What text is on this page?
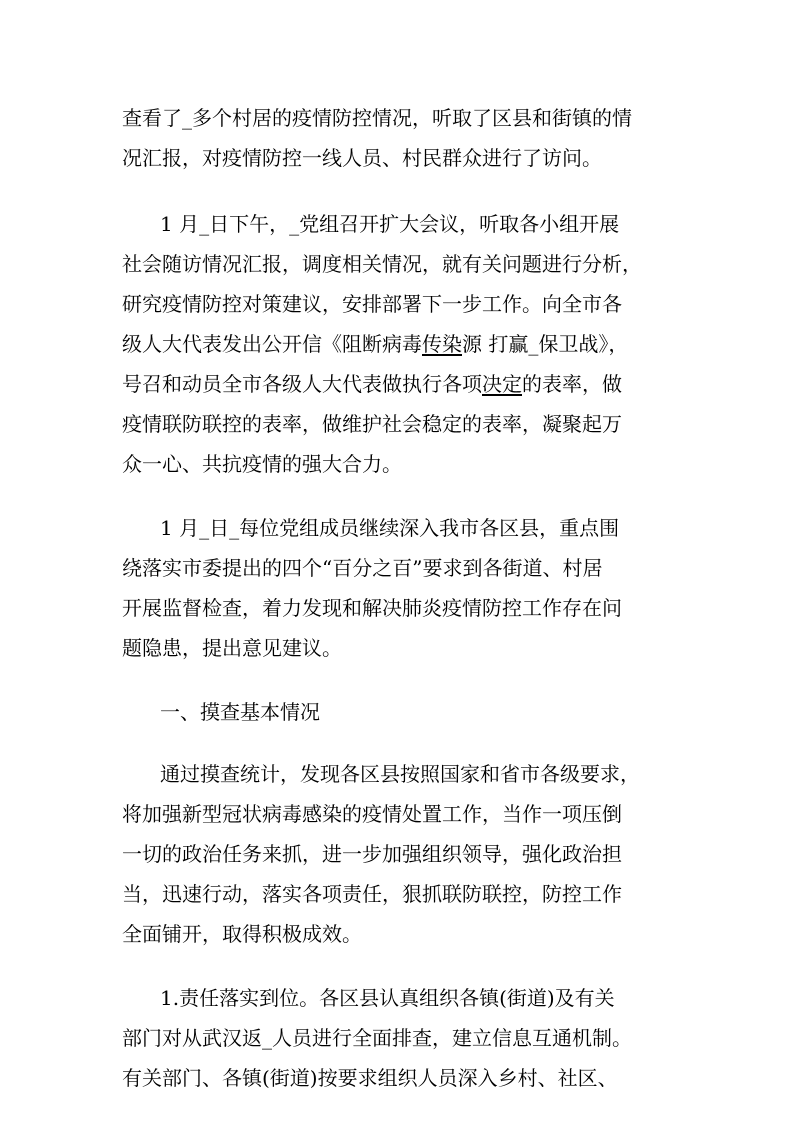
查看了_多个村居的疫情防控情况，听取了区县和街镇的情
况汇报，对疫情防控一线人员、村民群众进行了访问。
1 月_日下午，_党组召开扩大会议，听取各小组开展
社会随访情况汇报，调度相关情况，就有关问题进行分析，
研究疫情防控对策建议，安排部署下一步工作。向全市各
级人大代表发出公开信《阻断病毒传染源 打赢_保卫战》，
号召和动员全市各级人大代表做执行各项决定的表率，做
疫情联防联控的表率，做维护社会稳定的表率，凝聚起万
众一心、共抗疫情的强大合力。
1 月_日_每位党组成员继续深入我市各区县，重点围
绕落实市委提出的四个“百分之百”要求到各街道、村居
开展监督检查，着力发现和解决肺炎疫情防控工作存在问
题隐患，提出意见建议。
一、摸查基本情况
通过摸查统计，发现各区县按照国家和省市各级要求，
将加强新型冠状病毒感染的疫情处置工作，当作一项压倒
一切的政治任务来抓，进一步加强组织领导，强化政治担
当，迅速行动，落实各项责任，狠抓联防联控，防控工作
全面铺开，取得积极成效。
1.责任落实到位。各区县认真组织各镇(街道)及有关
部门对从武汉返_人员进行全面排查，建立信息互通机制。
有关部门、各镇(街道)按要求组织人员深入乡村、社区、
